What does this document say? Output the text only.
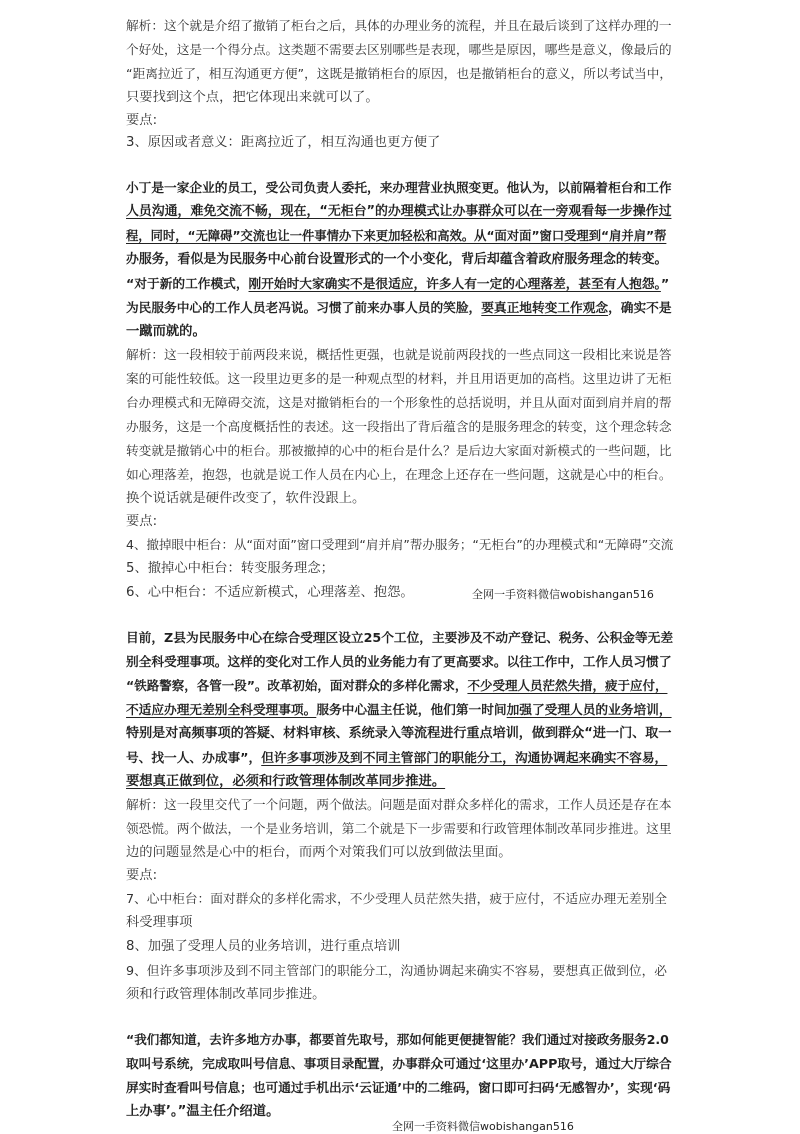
解析：这个就是介绍了撤销了柜台之后，具体的办理业务的流程，并且在最后谈到了这样办理的一
个好处，这是一个得分点。这类题不需要去区别哪些是表现，哪些是原因，哪些是意义，像最后的
“距离拉近了，相互沟通更方便”，这既是撤销柜台的原因，也是撤销柜台的意义，所以考试当中，
只要找到这个点，把它体现出来就可以了。
要点:
3、原因或者意义：距离拉近了，相互沟通也更方便了
小丁是一家企业的员工，受公司负责人委托，来办理营业执照变更。他认为，以前隔着柜台和工作
人员沟通，难免交流不畅，现在，“无柜台”的办理模式让办事群众可以在一旁观看每一步操作过
程，同时，“无障碍”交流也让一件事情办下来更加轻松和高效。从“面对面”窗口受理到“肩并肩”帮
办服务，看似是为民服务中心前台设置形式的一个小变化，背后却蕴含着政府服务理念的转变。
“对于新的工作模式，刚开始时大家确实不是很适应，许多人有一定的心理落差，甚至有人抱怨。”
为民服务中心的工作人员老冯说。习惯了前来办事人员的笑脸，要真正地转变工作观念，确实不是
一蹴而就的。
解析：这一段相较于前两段来说，概括性更强，也就是说前两段找的一些点同这一段相比来说是答
案的可能性较低。这一段里边更多的是一种观点型的材料，并且用语更加的高档。这里边讲了无柜
台办理模式和无障碍交流，这是对撤销柜台的一个形象性的总括说明，并且从面对面到肩并肩的帮
办服务，这是一个高度概括性的表述。这一段指出了背后蕴含的是服务理念的转变，这个理念转念
转变就是撤销心中的柜台。那被撤掉的心中的柜台是什么？是后边大家面对新模式的一些问题，比
如心理落差，抱怨，也就是说工作人员在内心上，在理念上还存在一些问题，这就是心中的柜台。
换个说话就是硬件改变了，软件没跟上。
要点:
4、撤掉眼中柜台：从“面对面”窗口受理到“肩并肩”帮办服务；“无柜台”的办理模式和“无障碍”交流
5、撤掉心中柜台：转变服务理念；
6、心中柜台：不适应新模式，心理落差、抱怨。	全网一手资料微信wobishangan516
目前，Z县为民服务中心在综合受理区设立25个工位，主要涉及不动产登记、税务、公积金等无差
别全科受理事项。这样的变化对工作人员的业务能力有了更高要求。以往工作中，工作人员习惯了
“铁路警察，各管一段”。改革初始，面对群众的多样化需求，不少受理人员茫然失措，疲于应付，
不适应办理无差别全科受理事项。服务中心温主任说，他们第一时间加强了受理人员的业务培训，
特别是对高频事项的答疑、材料审核、系统录入等流程进行重点培训，做到群众“进一门、取一
号、找一人、办成事”，但许多事项涉及到不同主管部门的职能分工，沟通协调起来确实不容易，
要想真正做到位，必须和行政管理体制改革同步推进。
解析：这一段里交代了一个问题，两个做法。问题是面对群众多样化的需求，工作人员还是存在本
领恐慌。两个做法，一个是业务培训，第二个就是下一步需要和行政管理体制改革同步推进。这里
边的问题显然是心中的柜台，而两个对策我们可以放到做法里面。
要点:
7、心中柜台：面对群众的多样化需求，不少受理人员茫然失措，疲于应付，不适应办理无差别全
科受理事项
8、加强了受理人员的业务培训，进行重点培训
9、但许多事项涉及到不同主管部门的职能分工，沟通协调起来确实不容易，要想真正做到位，必
须和行政管理体制改革同步推进。
“我们都知道，去许多地方办事，都要首先取号，那如何能更便捷智能？我们通过对接政务服务2.0
取叫号系统，完成取叫号信息、事项目录配置，办事群众可通过‘这里办’APP取号，通过大厅综合
屏实时查看叫号信息；也可通过手机出示‘云证通’中的二维码，窗口即可扫码‘无感智办’，实现‘码
上办事’。”温主任介绍道。
全网一手资料微信wobishangan516
